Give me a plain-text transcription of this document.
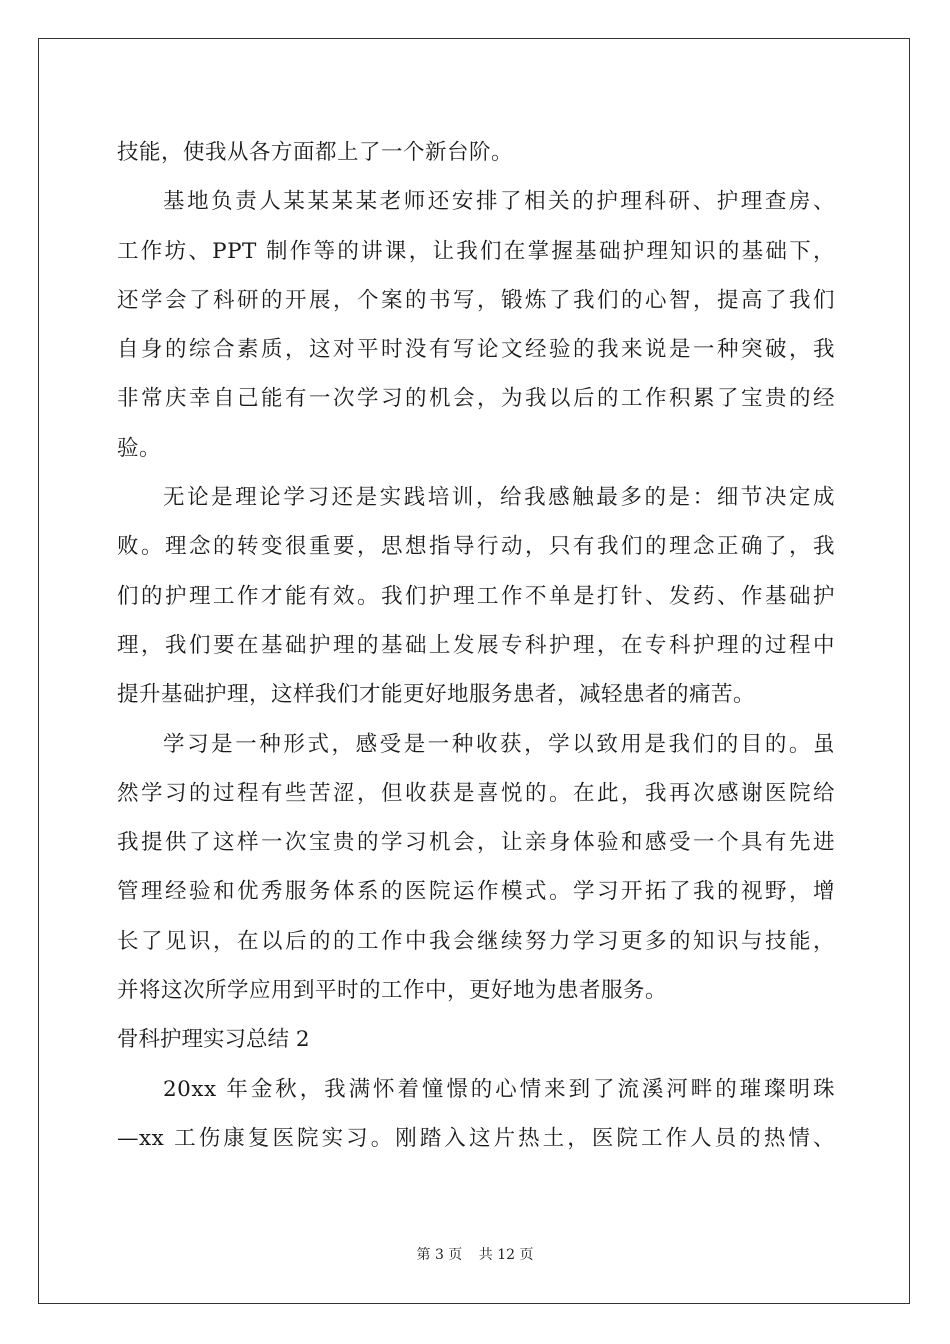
技能，使我从各方面都上了一个新台阶。
基地负责人某某某某老师还安排了相关的护理科研、护理查房、
工作坊、PPT 制作等的讲课，让我们在掌握基础护理知识的基础下，
还学会了科研的开展，个案的书写，锻炼了我们的心智，提高了我们
自身的综合素质，这对平时没有写论文经验的我来说是一种突破，我
非常庆幸自己能有一次学习的机会，为我以后的工作积累了宝贵的经
验。
无论是理论学习还是实践培训，给我感触最多的是：细节决定成
败。理念的转变很重要，思想指导行动，只有我们的理念正确了，我
们的护理工作才能有效。我们护理工作不单是打针、发药、作基础护
理，我们要在基础护理的基础上发展专科护理，在专科护理的过程中
提升基础护理，这样我们才能更好地服务患者，减轻患者的痛苦。
学习是一种形式，感受是一种收获，学以致用是我们的目的。虽
然学习的过程有些苦涩，但收获是喜悦的。在此，我再次感谢医院给
我提供了这样一次宝贵的学习机会，让亲身体验和感受一个具有先进
管理经验和优秀服务体系的医院运作模式。学习开拓了我的视野，增
长了见识，在以后的的工作中我会继续努力学习更多的知识与技能，
并将这次所学应用到平时的工作中，更好地为患者服务。
骨科护理实习总结 2
20xx 年金秋，我满怀着憧憬的心情来到了流溪河畔的璀璨明珠
—xx 工伤康复医院实习。刚踏入这片热土，医院工作人员的热情、
第 3 页 共 12 页
